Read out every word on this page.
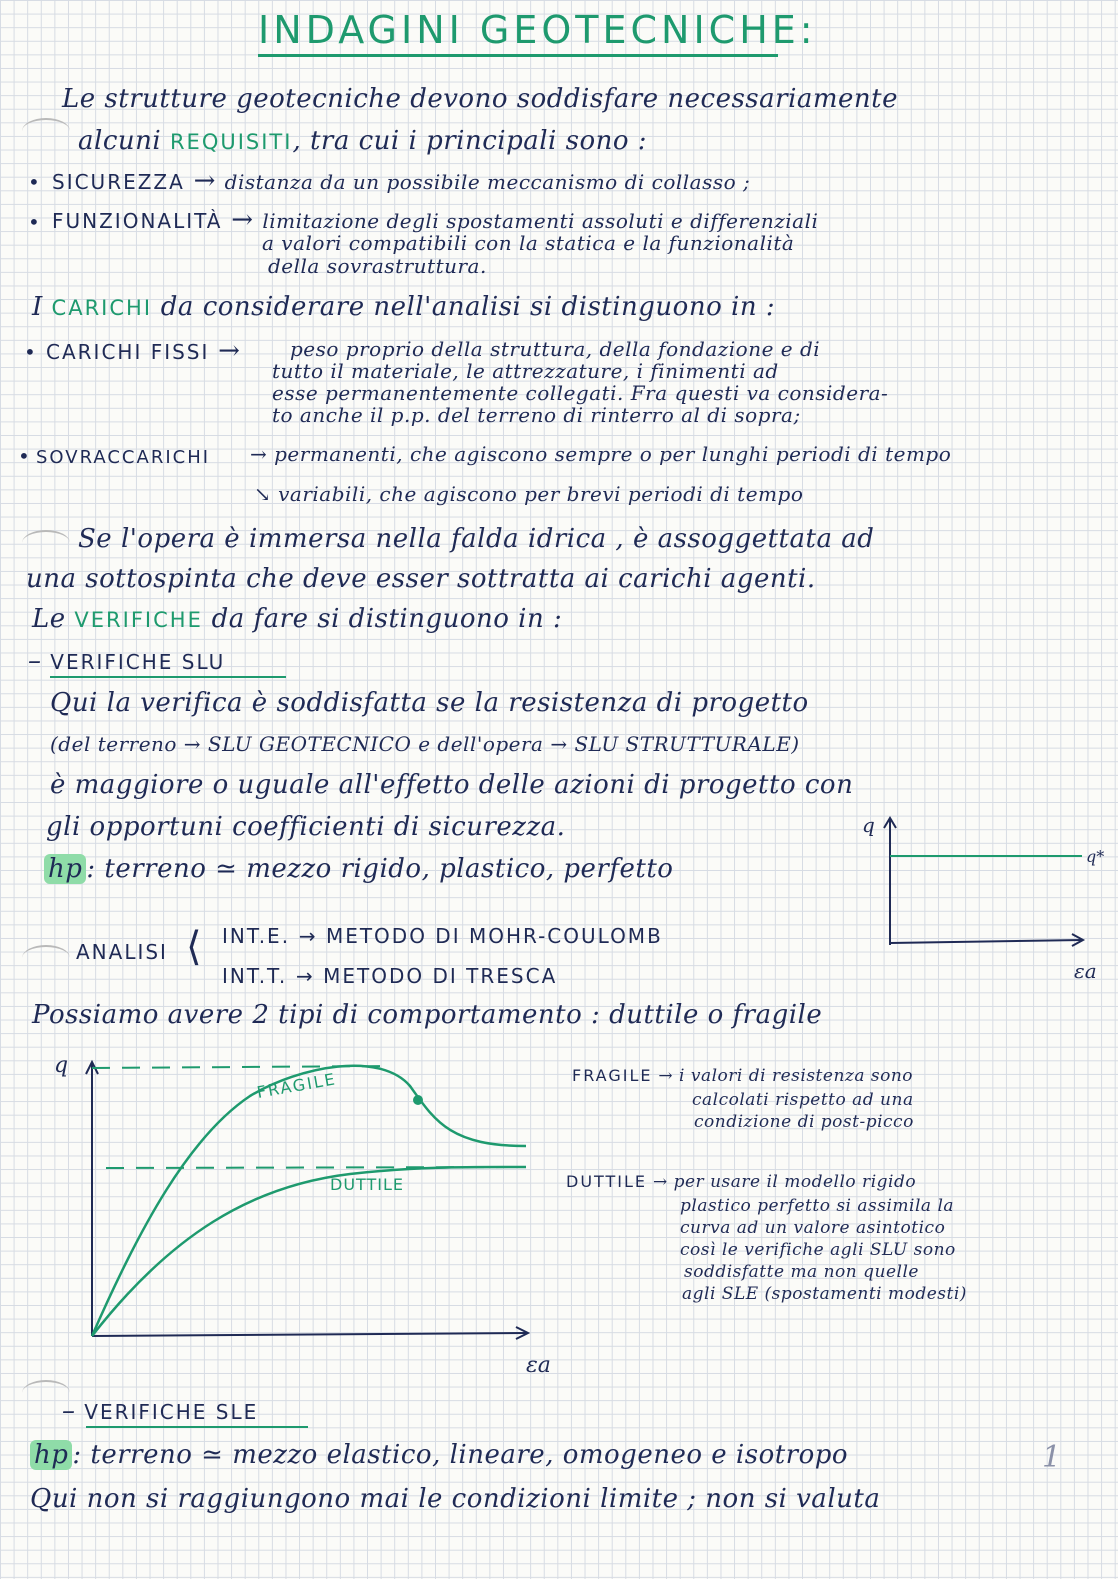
INDAGINI GEOTECNICHE:
Le strutture geotecniche devono soddisfare necessariamente
alcuni REQUISITI, tra cui i principali sono :
• SICUREZZA → distanza da un possibile meccanismo di collasso ;
• FUNZIONALITÀ → limitazione degli spostamenti assoluti e differenziali
a valori compatibili con la statica e la funzionalità
della sovrastruttura.
I CARICHI da considerare nell'analisi si distinguono in :
• CARICHI FISSI → peso proprio della struttura, della fondazione e di
tutto il materiale, le attrezzature, i finimenti ad
esse permanentemente collegati. Fra questi va considera-
to anche il p.p. del terreno di rinterro al di sopra;
• SOVRACCARICHI → permanenti, che agiscono sempre o per lunghi periodi di tempo
↘ variabili, che agiscono per brevi periodi di tempo
Se l'opera è immersa nella falda idrica , è assoggettata ad
una sottospinta che deve esser sottratta ai carichi agenti.
Le VERIFICHE da fare si distinguono in :
– VERIFICHE SLU
Qui la verifica è soddisfatta se la resistenza di progetto
(del terreno → SLU GEOTECNICO e dell'opera → SLU STRUTTURALE)
è maggiore o uguale all'effetto delle azioni di progetto con
gli opportuni coefficienti di sicurezza.
hp : terreno ≃ mezzo rigido, plastico, perfetto
ANALISI ⟨ INT.E. → METODO DI MOHR-COULOMB
INT.T. → METODO DI TRESCA
q
q*
εa
Possiamo avere 2 tipi di comportamento : duttile o fragile
FRAGILE
DUTTILE
q
εa
FRAGILE → i valori di resistenza sono
calcolati rispetto ad una
condizione di post-picco
DUTTILE → per usare il modello rigido
plastico perfetto si assimila la
curva ad un valore asintotico
così le verifiche agli SLU sono
soddisfatte ma non quelle
agli SLE (spostamenti modesti)
– VERIFICHE SLE
hp : terreno ≃ mezzo elastico, lineare, omogeneo e isotropo	1
Qui non si raggiungono mai le condizioni limite ; non si valuta
